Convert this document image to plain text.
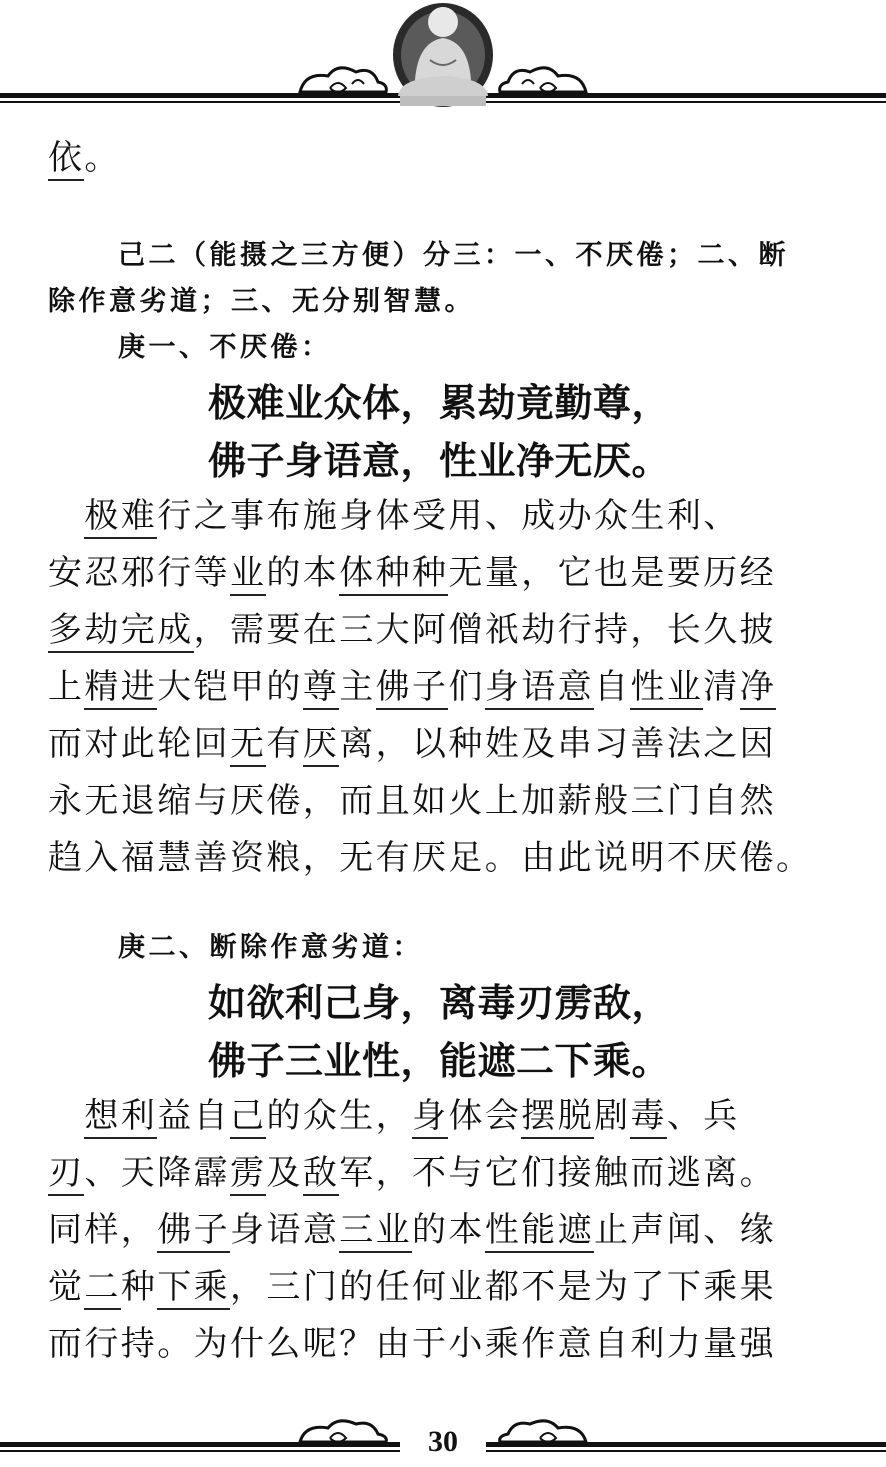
依。
己二（能摄之三方便）分三：一、不厌倦；二、断
除作意劣道；三、无分别智慧。
庚一、不厌倦：
极难业众体，累劫竟勤尊，
佛子身语意，性业净无厌。
　极难行之事布施身体受用、成办众生利、
安忍邪行等业的本体种种无量，它也是要历经
多劫完成，需要在三大阿僧祇劫行持，长久披
上精进大铠甲的尊主佛子们身语意自性业清净
而对此轮回无有厌离，以种姓及串习善法之因
永无退缩与厌倦，而且如火上加薪般三门自然
趋入福慧善资粮，无有厌足。由此说明不厌倦。
庚二、断除作意劣道：
如欲利己身，离毒刃雳敌，
佛子三业性，能遮二下乘。
　想利益自己的众生，身体会摆脱剧毒、兵
刃、天降霹雳及敌军，不与它们接触而逃离。
同样，佛子身语意三业的本性能遮止声闻、缘
觉二种下乘，三门的任何业都不是为了下乘果
而行持。为什么呢？由于小乘作意自利力量强
30
